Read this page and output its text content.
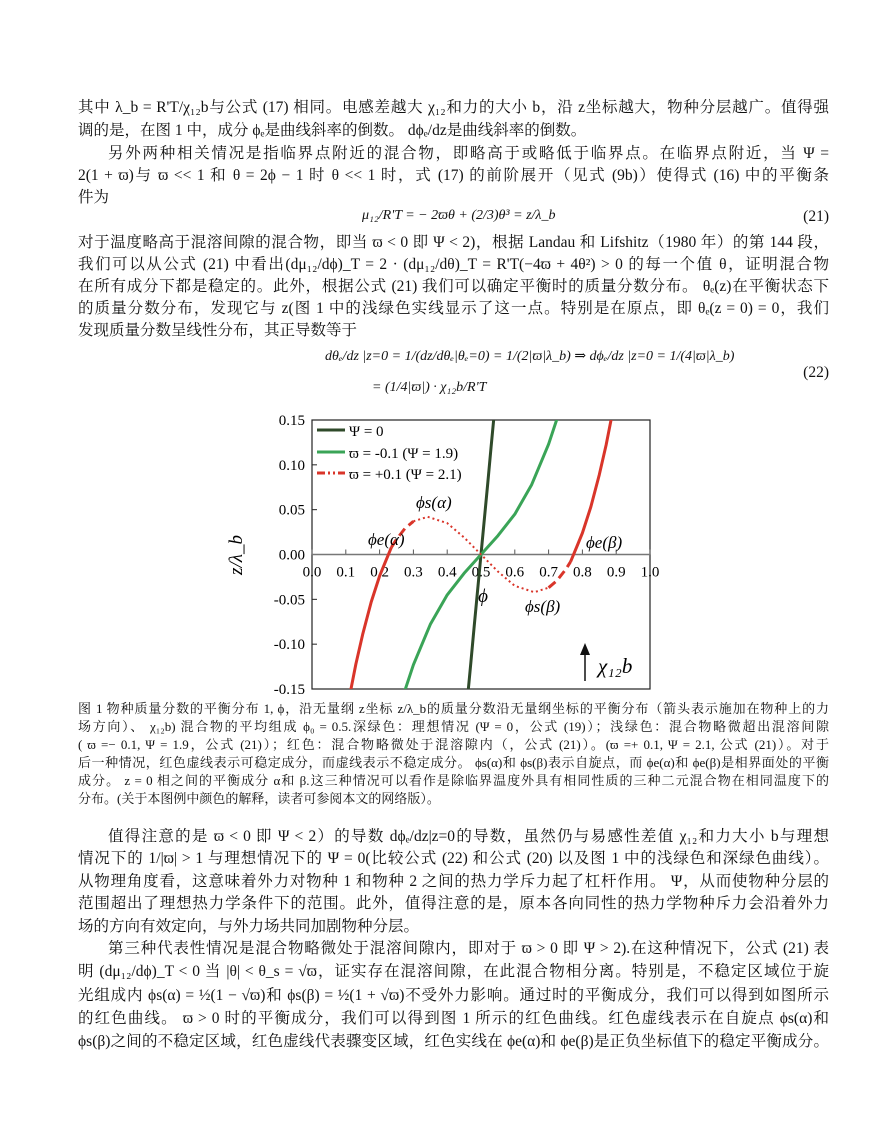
其中 λ_b = R'T/χ₁₂b与公式 (17) 相同。电感差越大 χ₁₂和力的大小 b，沿 z坐标越大，物种分层越广。值得强
调的是，在图 1 中，成分 ϕₑ是曲线斜率的倒数。 dϕₑ/dz是曲线斜率的倒数。
另外两种相关情况是指临界点附近的混合物，即略高于或略低于临界点。在临界点附近，当 Ψ =
2(1 + ϖ)与 ϖ << 1 和 θ = 2ϕ − 1 时 θ << 1 时，式 (17) 的前阶展开（见式 (9b)）使得式 (16) 中的平衡条
件为
μ₁₂/R'T = − 2ϖθ + (2/3)θ³ = z/λ_b	(21)
对于温度略高于混溶间隙的混合物，即当 ϖ < 0 即 Ψ < 2)，根据 Landau 和 Lifshitz（1980 年）的第 144 段，
我们可以从公式 (21) 中看出(dμ₁₂/dϕ)_T = 2 · (dμ₁₂/dθ)_T = R'T(−4ϖ + 4θ²) > 0 的每一个值 θ，证明混合物
在所有成分下都是稳定的。此外，根据公式 (21) 我们可以确定平衡时的质量分数分布。 θₑ(z)在平衡状态下
的质量分数分布，发现它与 z(图 1 中的浅绿色实线显示了这一点。特别是在原点，即 θₑ(z = 0) = 0，我们
发现质量分数呈线性分布，其正导数等于
dθₑ/dz |z=0 = 1/(dz/dθₑ|θₑ=0) = 1/(2|ϖ|λ_b) ⇒ dϕₑ/dz |z=0 = 1/(4|ϖ|λ_b)
= (1/4|ϖ|) · χ₁₂b/R'T
(22)
0.15
0.10
0.05
0.00
-0.05
-0.10
-0.15
0.0 0.1 0.2 0.3 0.4 0.5 0.6 0.7 0.8 0.9 1.0
z/λ_b
ϕ
Ψ = 0
ϖ = -0.1 (Ψ = 1.9)
ϖ = +0.1 (Ψ = 2.1)
ϕs(α)
ϕe(α)	ϕe(β)
ϕs(β)
χ₁₂b
图 1 物种质量分数的平衡分布 1, ϕ，沿无量纲 z坐标 z/λ_b的质量分数沿无量纲坐标的平衡分布（箭头表示施加在物种上的力
场方向）、 χ₁₂b) 混合物的平均组成 ϕ₀ = 0.5.深绿色：理想情况 (Ψ = 0，公式 (19)）；浅绿色：混合物略微超出混溶间隙
( ϖ =− 0.1, Ψ = 1.9，公式 (21)）；红色：混合物略微处于混溶隙内（，公式 (21)）。(ϖ =+ 0.1, Ψ = 2.1, 公式 (21)）。对于
后一种情况，红色虚线表示可稳定成分，而虚线表示不稳定成分。 ϕs(α)和 ϕs(β)表示自旋点，而 ϕe(α)和 ϕe(β)是相界面处的平衡
成分。 z = 0 相之间的平衡成分 α和 β.这三种情况可以看作是除临界温度外具有相同性质的三种二元混合物在相同温度下的
分布。(关于本图例中颜色的解释，读者可参阅本文的网络版）。
值得注意的是 ϖ < 0 即 Ψ < 2）的导数 dϕₑ/dz|z=0的导数，虽然仍与易感性差值 χ₁₂和力大小 b与理想
情况下的 1/|ϖ| > 1 与理想情况下的 Ψ = 0(比较公式 (22) 和公式 (20) 以及图 1 中的浅绿色和深绿色曲线）。
从物理角度看，这意味着外力对物种 1 和物种 2 之间的热力学斥力起了杠杆作用。 Ψ，从而使物种分层的
范围超出了理想热力学条件下的范围。此外，值得注意的是，原本各向同性的热力学物种斥力会沿着外力
场的方向有效定向，与外力场共同加剧物种分层。
第三种代表性情况是混合物略微处于混溶间隙内，即对于 ϖ > 0 即 Ψ > 2).在这种情况下，公式 (21) 表
明 (dμ₁₂/dϕ)_T < 0 当 |θ| < θ_s = √ϖ，证实存在混溶间隙，在此混合物相分离。特别是，不稳定区域位于旋
光组成内 ϕs(α) = ½(1 − √ϖ)和 ϕs(β) = ½(1 + √ϖ)不受外力影响。通过时的平衡成分，我们可以得到如图所示
的红色曲线。 ϖ > 0 时的平衡成分，我们可以得到图 1 所示的红色曲线。红色虚线表示在自旋点 ϕs(α)和
ϕs(β)之间的不稳定区域，红色虚线代表骤变区域，红色实线在 ϕe(α)和 ϕe(β)是正负坐标值下的稳定平衡成分。
